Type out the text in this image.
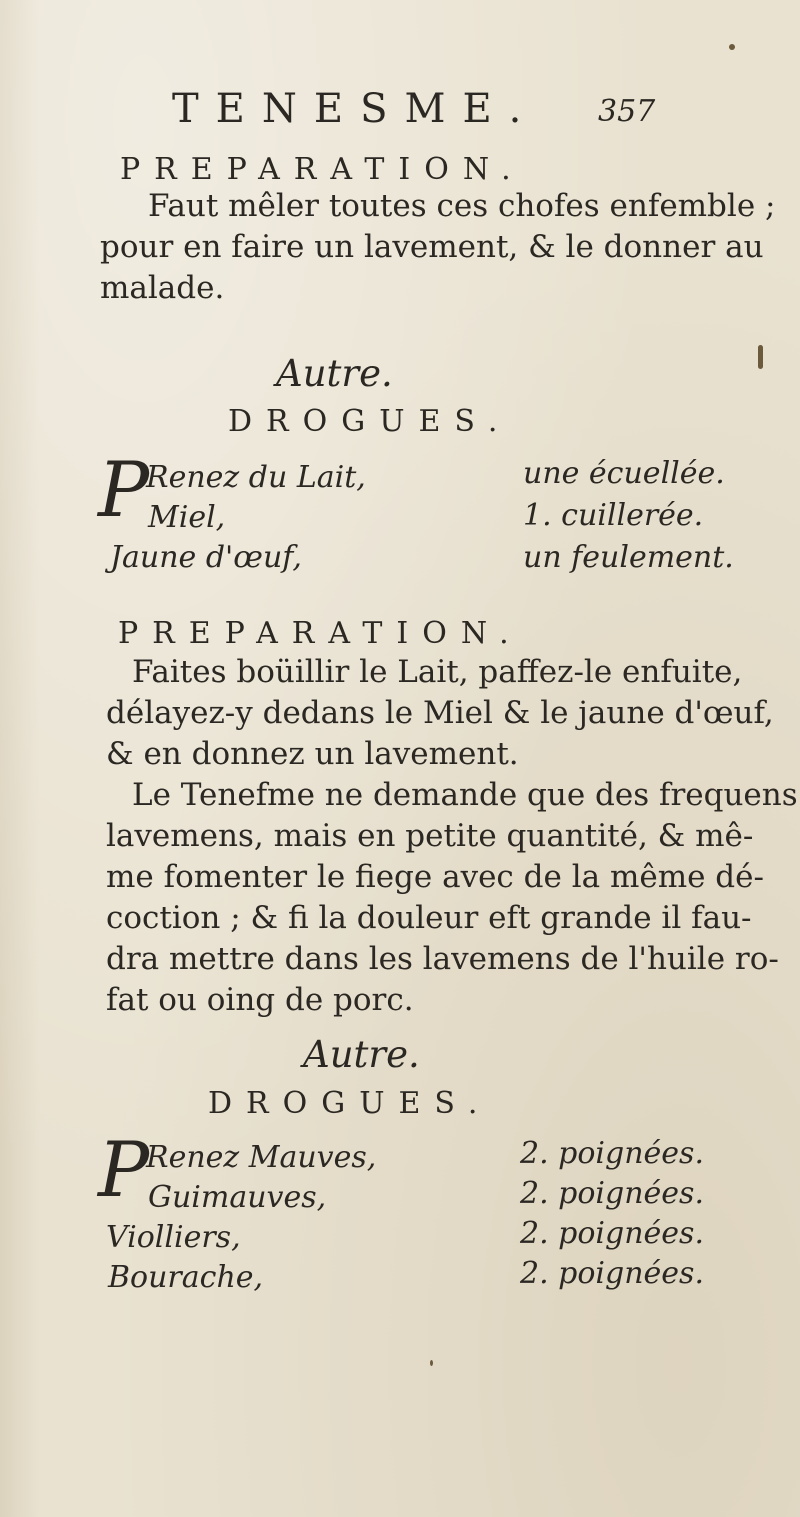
TENESME. 357
PREPARATION.
Faut mêler toutes ces chofes enfemble ;
pour en faire un lavement, & le donner au
malade.
Autre.
DROGUES.
P
Renez du Lait,
Miel,
Jaune d'œuf,
une écuellée.
1. cuillerée.
un feulement.
PREPARATION.
Faites boüillir le Lait, paffez-le enfuite,
délayez-y dedans le Miel & le jaune d'œuf,
& en donnez un lavement.
Le Tenefme ne demande que des frequens
lavemens, mais en petite quantité, & mê-
me fomenter le fiege avec de la même dé-
coction ; & fi la douleur eft grande il fau-
dra mettre dans les lavemens de l'huile ro-
fat ou oing de porc.
Autre.
DROGUES.
P
Renez Mauves,
Guimauves,
Violliers,
Bourache,
2. poignées.
2. poignées.
2. poignées.
2. poignées.
